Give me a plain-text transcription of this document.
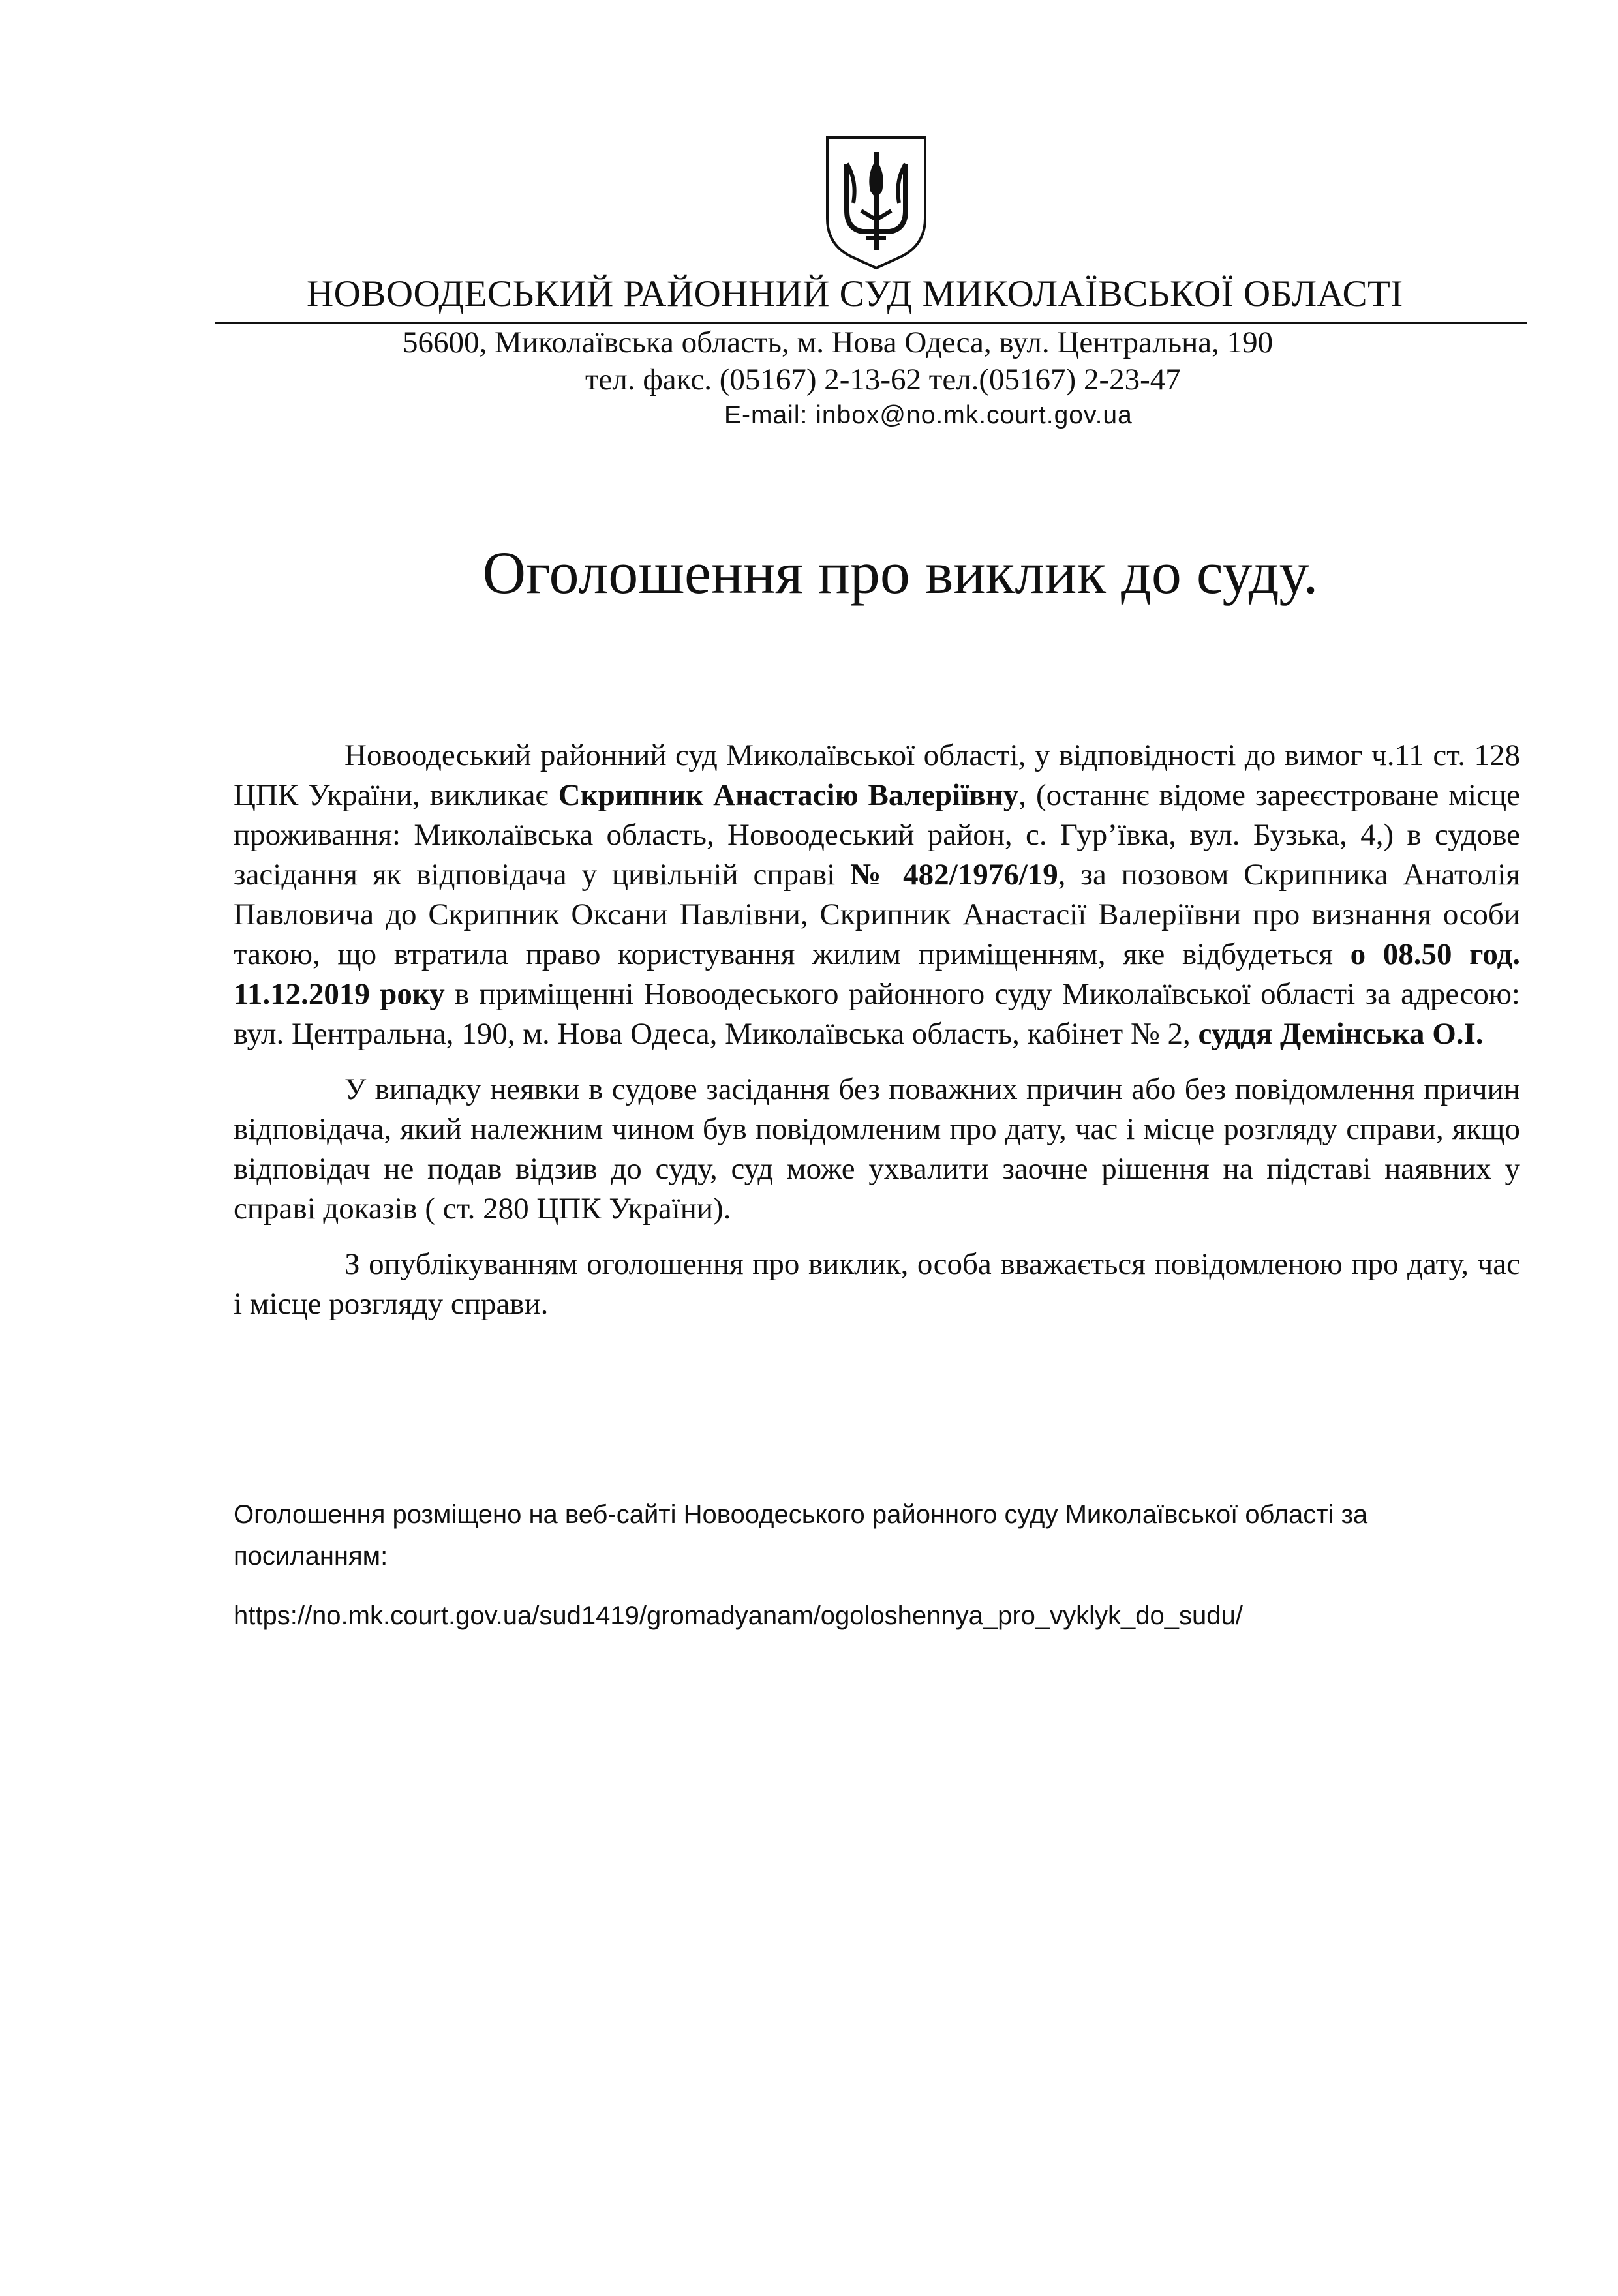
НОВООДЕСЬКИЙ РАЙОННИЙ СУД МИКОЛАЇВСЬКОЇ ОБЛАСТІ
56600, Миколаївська область, м. Нова Одеса, вул. Центральна, 190
тел. факс. (05167) 2-13-62 тел.(05167) 2-23-47
E-mail: inbox@no.mk.court.gov.ua
Оголошення про виклик до суду.

Новоодеський районний суд Миколаївської області, у відповідності до вимог ч.11 ст. 128 ЦПК України, викликає Скрипник Анастасію Валеріївну, (останнє відоме зареєстроване місце проживання: Миколаївська область, Новоодеський район, с. Гур’ївка, вул. Бузька, 4,) в судове засідання як відповідача у цивільній справі № 482/1976/19, за позовом Скрипника Анатолія Павловича до Скрипник Оксани Павлівни, Скрипник Анастасії Валеріївни про визнання особи такою, що втратила право користування жилим приміщенням, яке відбудеться о 08.50 год. 11.12.2019 року в приміщенні Новоодеського районного суду Миколаївської області за адресою: вул. Центральна, 190, м. Нова Одеса, Миколаївська область, кабінет № 2, суддя Демінська О.І.

У випадку неявки в судове засідання без поважних причин або без повідомлення причин відповідача, який належним чином був повідомленим про дату, час і місце розгляду справи, якщо відповідач не подав відзив до суду, суд може ухвалити заочне рішення на підставі наявних у справі доказів ( ст. 280 ЦПК України).

З опублікуванням оголошення про виклик, особа вважається повідомленою про дату, час і місце розгляду справи.

Оголошення розміщено на веб-сайті Новоодеського районного суду Миколаївської області за посиланням:
https://no.mk.court.gov.ua/sud1419/gromadyanam/ogoloshennya_pro_vyklyk_do_sudu/
